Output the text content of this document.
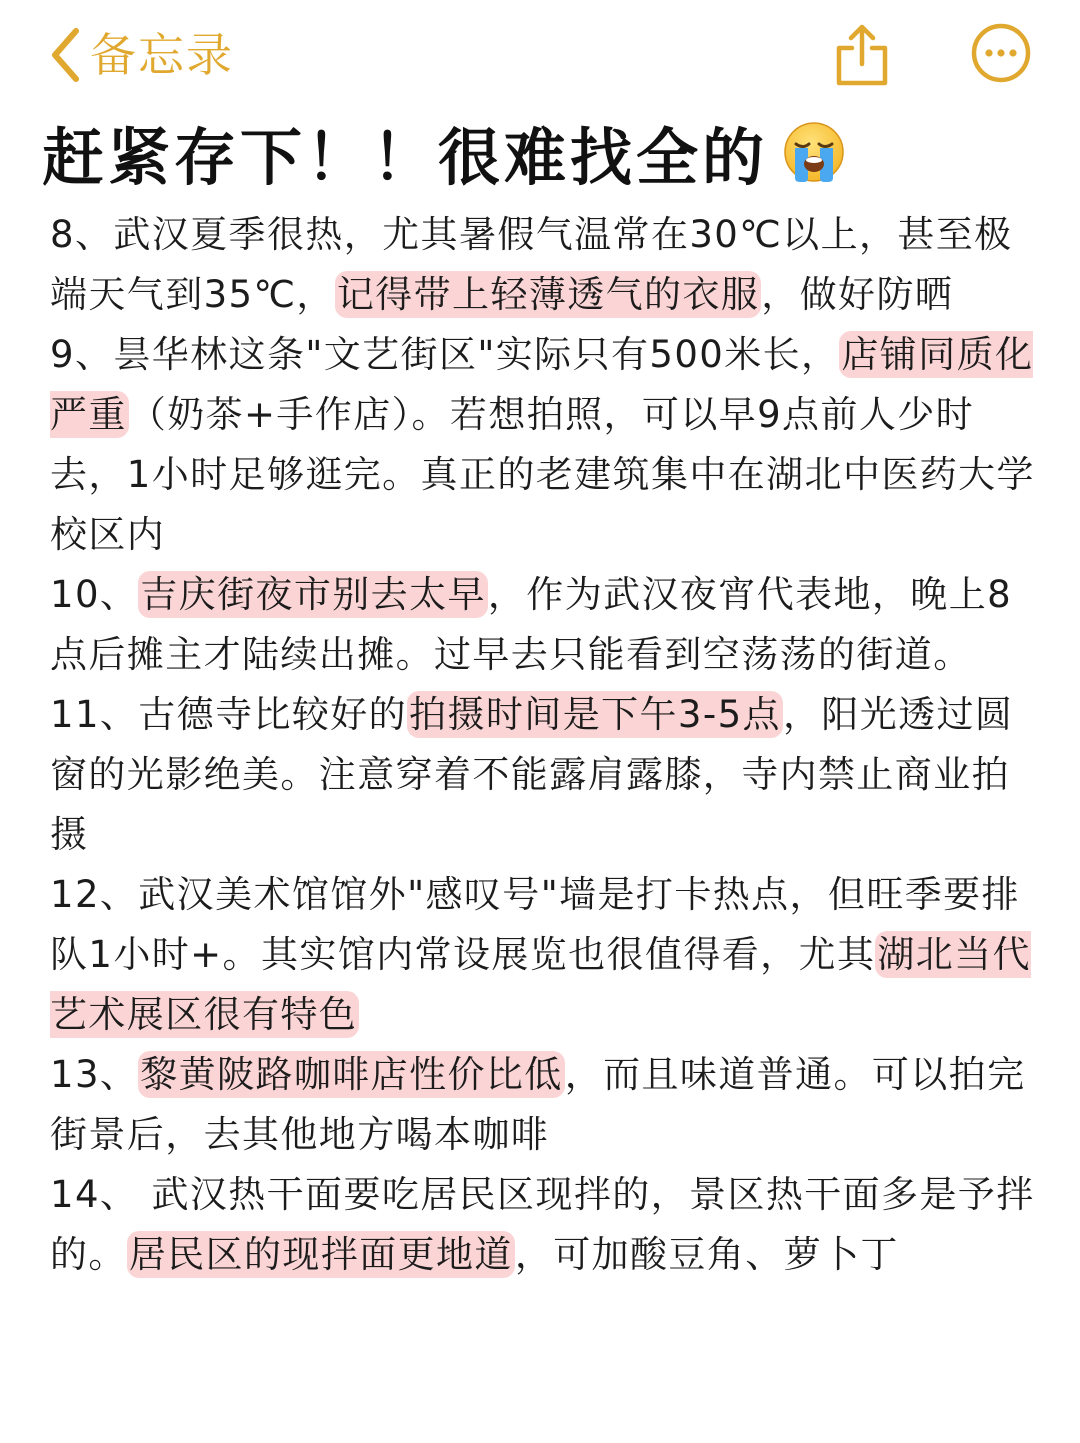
备忘录
赶紧存下！！很难找全的

8、武汉夏季很热，尤其暑假气温常在30℃以上，甚至极端天气到35℃，记得带上轻薄透气的衣服，做好防晒

9、昙华林这条"文艺街区"实际只有500米长，店铺同质化严重（奶茶+手作店）。若想拍照，可以早9点前人少时去，1小时足够逛完。真正的老建筑集中在湖北中医药大学校区内

10、吉庆街夜市别去太早，作为武汉夜宵代表地，晚上8点后摊主才陆续出摊。过早去只能看到空荡荡的街道。

11、古德寺比较好的拍摄时间是下午3-5点，阳光透过圆窗的光影绝美。注意穿着不能露肩露膝，寺内禁止商业拍摄

12、武汉美术馆馆外"感叹号"墙是打卡热点，但旺季要排队1小时+。其实馆内常设展览也很值得看，尤其湖北当代艺术展区很有特色

13、黎黄陂路咖啡店性价比低，而且味道普通。可以拍完街景后，去其他地方喝本咖啡

14、 武汉热干面要吃居民区现拌的，景区热干面多是予拌的。居民区的现拌面更地道，可加酸豆角、萝卜丁
